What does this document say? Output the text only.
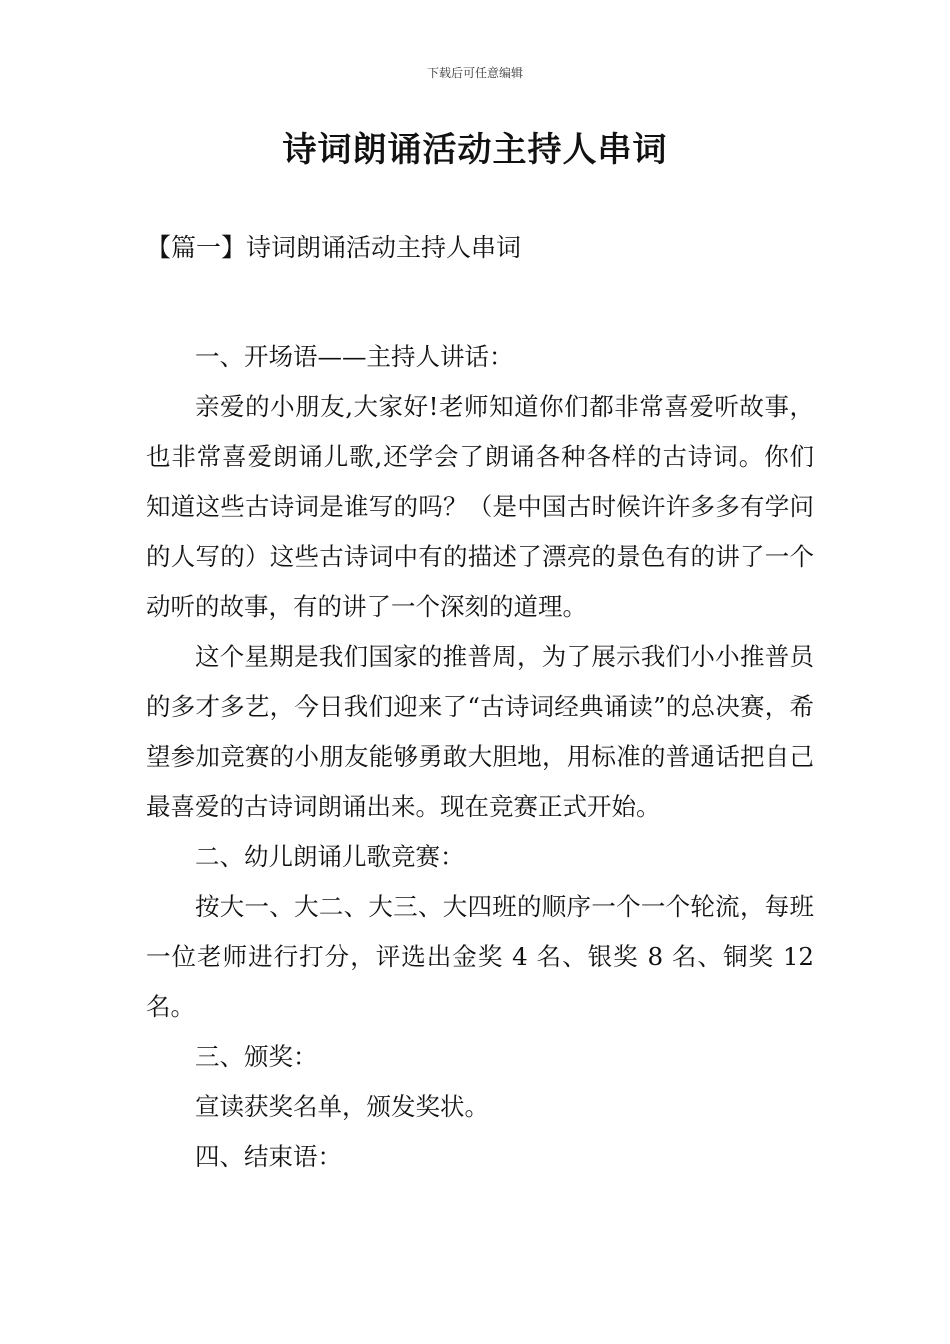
下载后可任意编辑
诗词朗诵活动主持人串词
【篇一】诗词朗诵活动主持人串词

一、开场语——主持人讲话：

亲爱的小朋友,大家好!老师知道你们都非常喜爱听故事，也非常喜爱朗诵儿歌,还学会了朗诵各种各样的古诗词。你们知道这些古诗词是谁写的吗？（是中国古时候许许多多有学问的人写的）这些古诗词中有的描述了漂亮的景色有的讲了一个动听的故事，有的讲了一个深刻的道理。

这个星期是我们国家的推普周，为了展示我们小小推普员的多才多艺，今日我们迎来了“古诗词经典诵读”的总决赛，希望参加竞赛的小朋友能够勇敢大胆地，用标准的普通话把自己最喜爱的古诗词朗诵出来。现在竞赛正式开始。

二、幼儿朗诵儿歌竞赛：

按大一、大二、大三、大四班的顺序一个一个轮流，每班一位老师进行打分，评选出金奖 4 名、银奖 8 名、铜奖 12 名。

三、颁奖：

宣读获奖名单，颁发奖状。

四、结束语：
